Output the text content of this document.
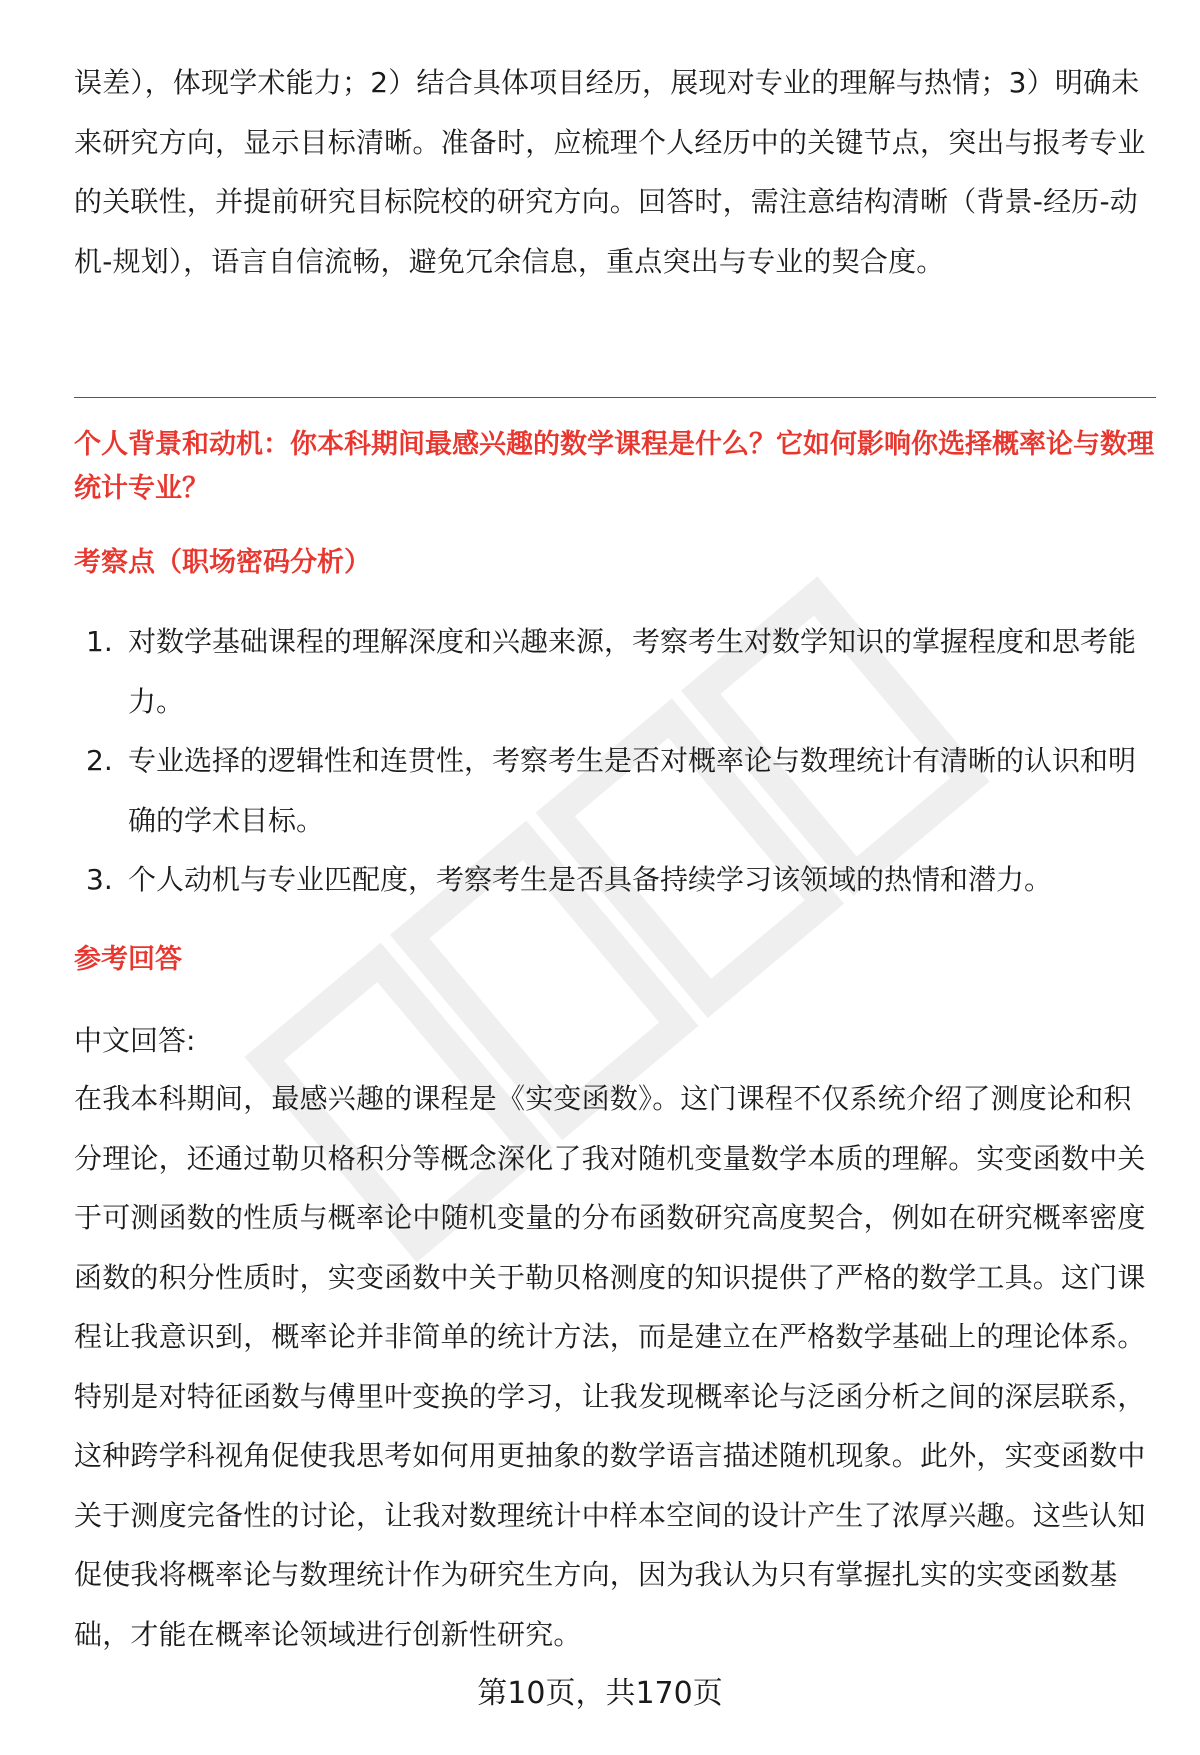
误差），体现学术能力；2）结合具体项目经历，展现对专业的理解与热情；3）明确未来研究方向，显示目标清晰。准备时，应梳理个人经历中的关键节点，突出与报考专业的关联性，并提前研究目标院校的研究方向。回答时，需注意结构清晰（背景-经历-动机-规划），语言自信流畅，避免冗余信息，重点突出与专业的契合度。

个人背景和动机：你本科期间最感兴趣的数学课程是什么？它如何影响你选择概率论与数理统计专业？

考察点（职场密码分析）

1. 对数学基础课程的理解深度和兴趣来源，考察考生对数学知识的掌握程度和思考能力。
2. 专业选择的逻辑性和连贯性，考察考生是否对概率论与数理统计有清晰的认识和明确的学术目标。
3. 个人动机与专业匹配度，考察考生是否具备持续学习该领域的热情和潜力。

参考回答

中文回答:

在我本科期间，最感兴趣的课程是《实变函数》。这门课程不仅系统介绍了测度论和积分理论，还通过勒贝格积分等概念深化了我对随机变量数学本质的理解。实变函数中关于可测函数的性质与概率论中随机变量的分布函数研究高度契合，例如在研究概率密度函数的积分性质时，实变函数中关于勒贝格测度的知识提供了严格的数学工具。这门课程让我意识到，概率论并非简单的统计方法，而是建立在严格数学基础上的理论体系。特别是对特征函数与傅里叶变换的学习，让我发现概率论与泛函分析之间的深层联系，这种跨学科视角促使我思考如何用更抽象的数学语言描述随机现象。此外，实变函数中关于测度完备性的讨论，让我对数理统计中样本空间的设计产生了浓厚兴趣。这些认知促使我将概率论与数理统计作为研究生方向，因为我认为只有掌握扎实的实变函数基础，才能在概率论领域进行创新性研究。

第10页，共170页
